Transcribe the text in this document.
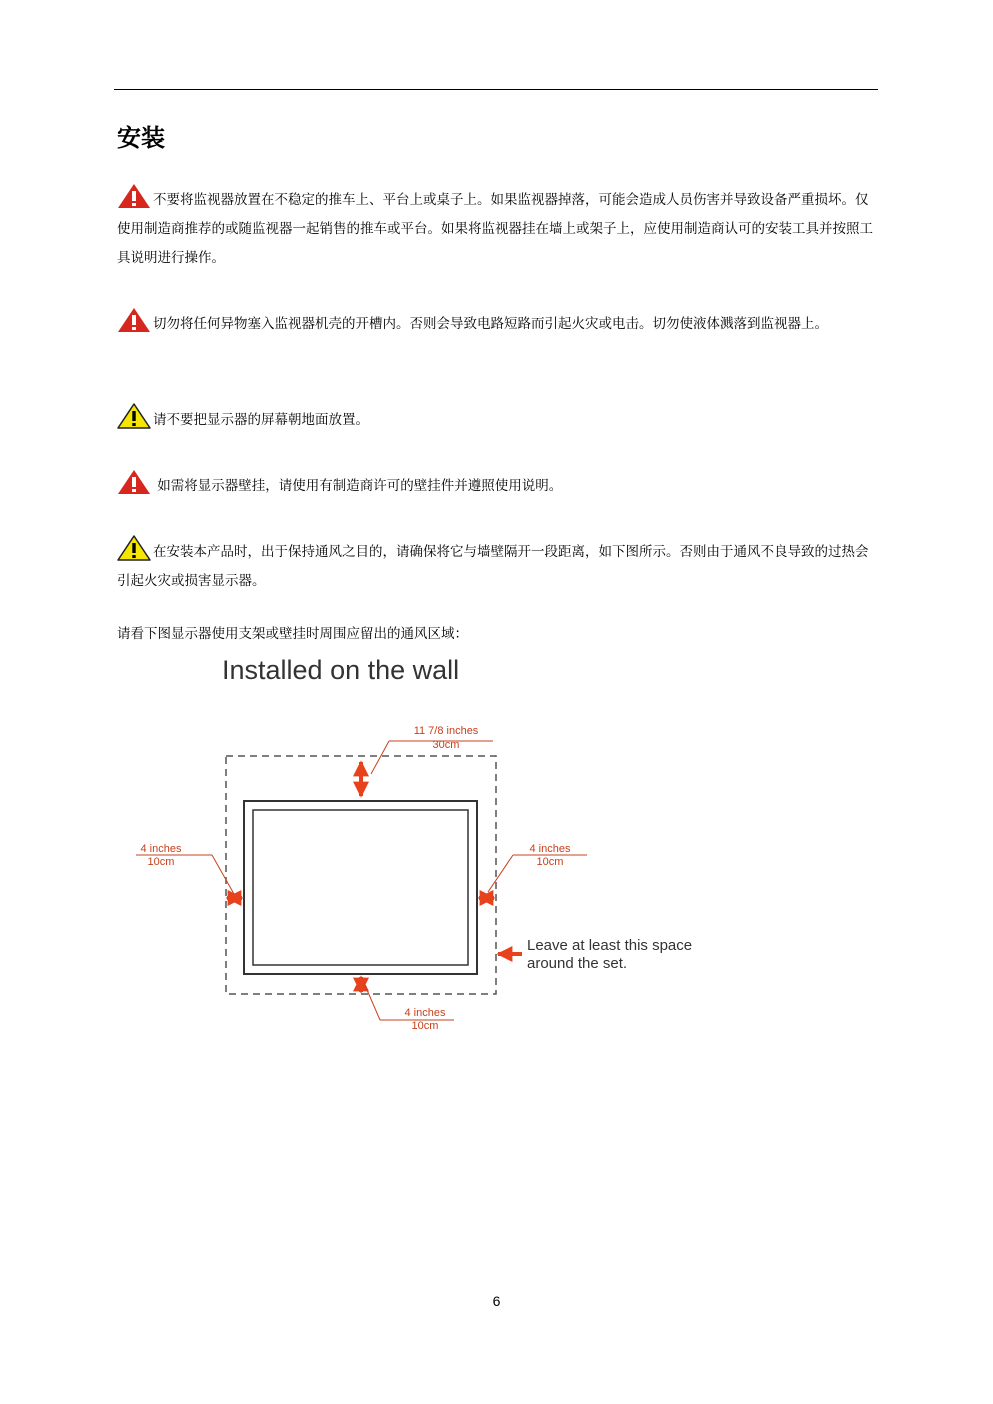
安装
不要将监视器放置在不稳定的推车上、平台上或桌子上。如果监视器掉落，可能会造成人员伤害并导致设备严重损坏。仅使用制造商推荐的或随监视器一起销售的推车或平台。如果将监视器挂在墙上或架子上，应使用制造商认可的安装工具并按照工具说明进行操作。
切勿将任何异物塞入监视器机壳的开槽内。否则会导致电路短路而引起火灾或电击。切勿使液体溅落到监视器上。
请不要把显示器的屏幕朝地面放置。
如需将显示器壁挂，请使用有制造商许可的壁挂件并遵照使用说明。
在安装本产品时，出于保持通风之目的，请确保将它与墙壁隔开一段距离，如下图所示。否则由于通风不良导致的过热会引起火灾或损害显示器。
请看下图显示器使用支架或壁挂时周围应留出的通风区域：
Installed on the wall
11 7/8 inches
30cm
4 inches
10cm
4 inches
10cm
4 inches
10cm
Leave at least this space
around the set.
6
